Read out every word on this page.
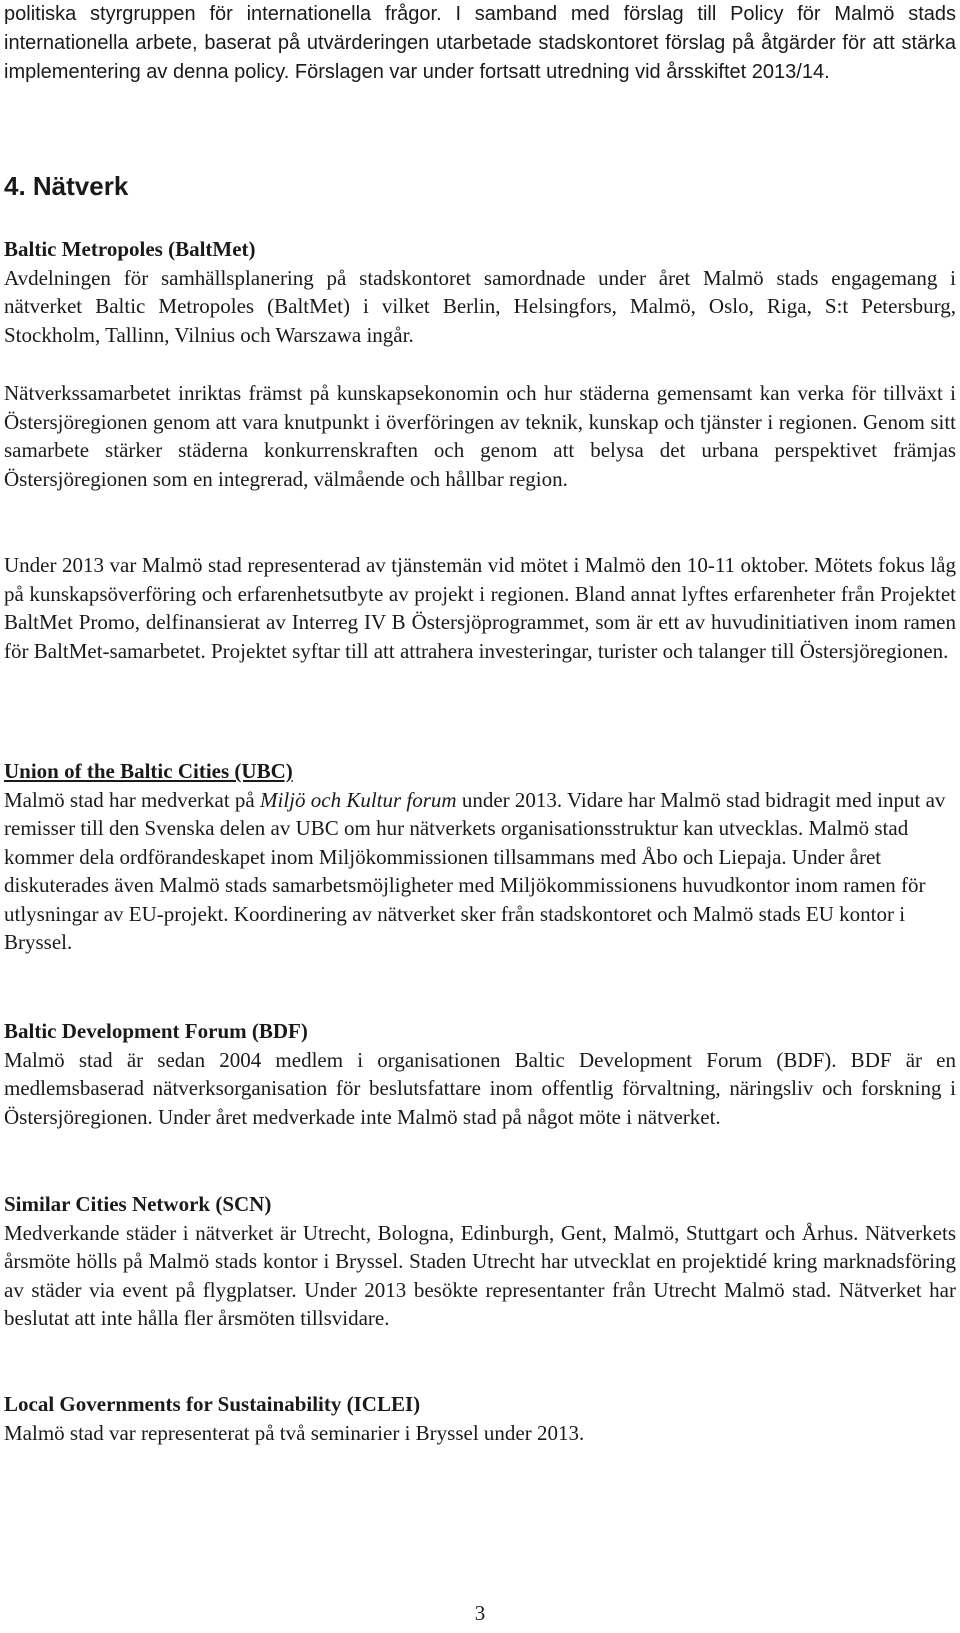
politiska styrgruppen för internationella frågor. I samband med förslag till Policy för Malmö stads internationella arbete, baserat på utvärderingen utarbetade stadskontoret förslag på åtgärder för att stärka implementering av denna policy. Förslagen var under fortsatt utredning vid årsskiftet 2013/14.

4. Nätverk
Baltic Metropoles (BaltMet)

Avdelningen för samhällsplanering på stadskontoret samordnade under året Malmö stads engagemang i nätverket Baltic Metropoles (BaltMet) i vilket Berlin, Helsingfors, Malmö, Oslo, Riga, S:t Petersburg, Stockholm, Tallinn, Vilnius och Warszawa ingår.

Nätverkssamarbetet inriktas främst på kunskapsekonomin och hur städerna gemensamt kan verka för tillväxt i Östersjöregionen genom att vara knutpunkt i överföringen av teknik, kunskap och tjänster i regionen. Genom sitt samarbete stärker städerna konkurrenskraften och genom att belysa det urbana perspektivet främjas Östersjöregionen som en integrerad, välmående och hållbar region.

Under 2013 var Malmö stad representerad av tjänstemän vid mötet i Malmö den 10-11 oktober. Mötets fokus låg på kunskapsöverföring och erfarenhetsutbyte av projekt i regionen. Bland annat lyftes erfarenheter från Projektet BaltMet Promo, delfinansierat av Interreg IV B Östersjöprogrammet, som är ett av huvudinitiativen inom ramen för BaltMet-samarbetet. Projektet syftar till att attrahera investeringar, turister och talanger till Östersjöregionen.

Union of the Baltic Cities (UBC)

Malmö stad har medverkat på Miljö och Kultur forum under 2013. Vidare har Malmö stad bidragit med input av remisser till den Svenska delen av UBC om hur nätverkets organisationsstruktur kan utvecklas. Malmö stad kommer dela ordförandeskapet inom Miljökommissionen tillsammans med Åbo och Liepaja. Under året diskuterades även Malmö stads samarbetsmöjligheter med Miljökommissionens huvudkontor inom ramen för utlysningar av EU-projekt. Koordinering av nätverket sker från stadskontoret och Malmö stads EU kontor i Bryssel.

Baltic Development Forum (BDF)

Malmö stad är sedan 2004 medlem i organisationen Baltic Development Forum (BDF). BDF är en medlemsbaserad nätverksorganisation för beslutsfattare inom offentlig förvaltning, näringsliv och forskning i Östersjöregionen. Under året medverkade inte Malmö stad på något möte i nätverket.

Similar Cities Network (SCN)

Medverkande städer i nätverket är Utrecht, Bologna, Edinburgh, Gent, Malmö, Stuttgart och Århus. Nätverkets årsmöte hölls på Malmö stads kontor i Bryssel. Staden Utrecht har utvecklat en projektidé kring marknadsföring av städer via event på flygplatser. Under 2013 besökte representanter från Utrecht Malmö stad. Nätverket har beslutat att inte hålla fler årsmöten tillsvidare.

Local Governments for Sustainability (ICLEI)

Malmö stad var representerat på två seminarier i Bryssel under 2013.

3
